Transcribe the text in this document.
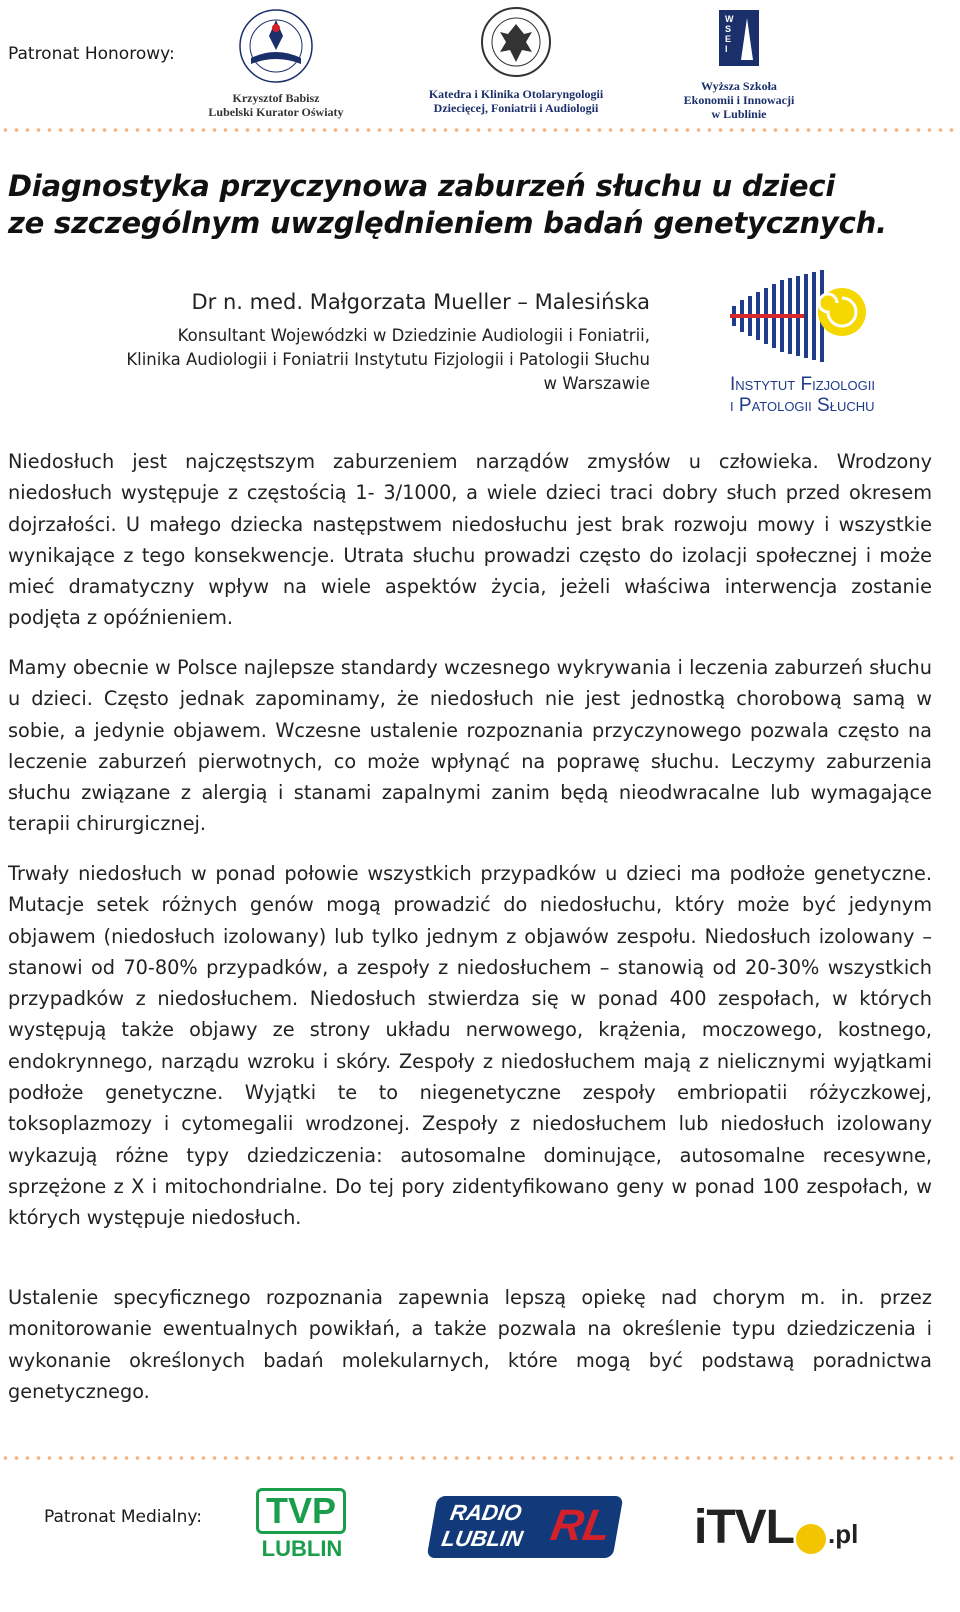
Patronat Honorowy:
Krzysztof Babisz
Lubelski Kurator Oświaty
Katedra i Klinika Otolaryngologii
Dziecięcej, Foniatrii i Audiologii
W
S
E
I
Wyższa Szkoła
Ekonomii i Innowacji
w Lublinie
Diagnostyka przyczynowa zaburzeń słuchu u dzieci
ze szczególnym uwzględnieniem badań genetycznych.
Dr n. med. Małgorzata Mueller – Malesińska
Konsultant Wojewódzki w Dziedzinie Audiologii i Foniatrii,
Klinika Audiologii i Foniatrii Instytutu Fizjologii i Patologii Słuchu
w Warszawie	Instytut Fizjologii
i Patologii Słuchu

Niedosłuch jest najczęstszym zaburzeniem narządów zmysłów u człowieka. Wrodzony niedosłuch występuje z częstością 1- 3/1000, a wiele dzieci traci dobry słuch przed okresem dojrzałości. U małego dziecka następstwem niedosłuchu jest brak rozwoju mowy i wszystkie wynikające z tego konsekwencje. Utrata słuchu prowadzi często do izolacji społecznej i może mieć dramatyczny wpływ na wiele aspektów życia, jeżeli właściwa interwencja zostanie podjęta z opóźnieniem.

Mamy obecnie w Polsce najlepsze standardy wczesnego wykrywania i leczenia zaburzeń słuchu u dzieci. Często jednak zapominamy, że niedosłuch nie jest jednostką chorobową samą w sobie, a jedynie objawem. Wczesne ustalenie rozpoznania przyczynowego pozwala często na leczenie zaburzeń pierwotnych, co może wpłynąć na poprawę słuchu. Leczymy zaburzenia słuchu związane z alergią i stanami zapalnymi zanim będą nieodwracalne lub wymagające terapii chirurgicznej.

Trwały niedosłuch w ponad połowie wszystkich przypadków u dzieci ma podłoże genetyczne. Mutacje setek różnych genów mogą prowadzić do niedosłuchu, który może być jedynym objawem (niedosłuch izolowany) lub tylko jednym z objawów zespołu. Niedosłuch izolowany – stanowi od 70-80% przypadków, a zespoły z niedosłuchem – stanowią od 20-30% wszystkich przypadków z niedosłuchem. Niedosłuch stwierdza się w ponad 400 zespołach, w których występują także objawy ze strony układu nerwowego, krążenia, moczowego, kostnego, endokrynnego, narządu wzroku i skóry. Zespoły z niedosłuchem mają z nielicznymi wyjątkami podłoże genetyczne. Wyjątki te to niegenetyczne zespoły embriopatii różyczkowej, toksoplazmozy i cytomegalii wrodzonej. Zespoły z niedosłuchem lub niedosłuch izolowany wykazują różne typy dziedziczenia: autosomalne dominujące, autosomalne recesywne, sprzężone z X i mitochondrialne. Do tej pory zidentyfikowano geny w ponad 100 zespołach, w których występuje niedosłuch.

Ustalenie specyficznego rozpoznania zapewnia lepszą opiekę nad chorym m. in. przez monitorowanie ewentualnych powikłań, a także pozwala na określenie typu dziedziczenia i wykonanie określonych badań molekularnych, które mogą być podstawą poradnictwa genetycznego.

Patronat Medialny: TVP
LUBLIN
RADIO
LUBLIN RL iTVL .pl
